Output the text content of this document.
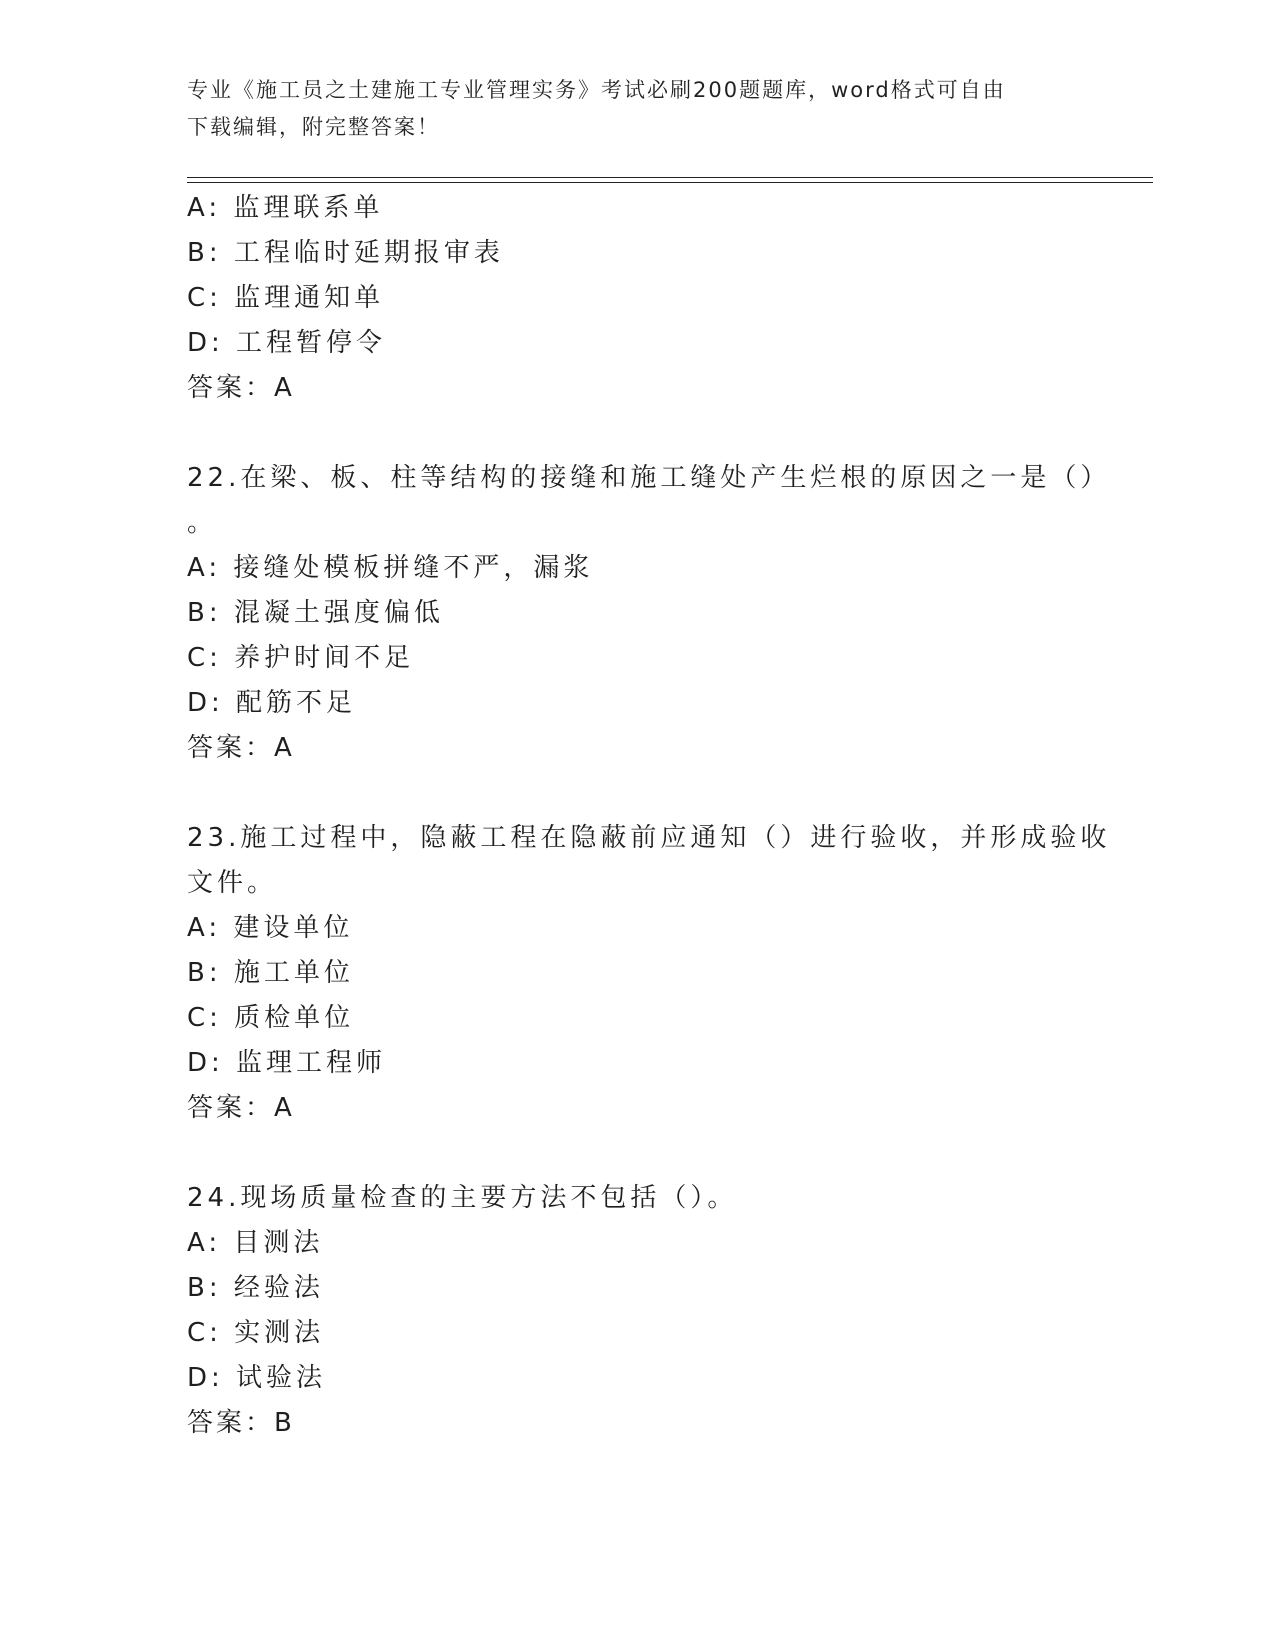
专业《施工员之土建施工专业管理实务》考试必刷200题题库，word格式可自由
下载编辑，附完整答案！
A: 监理联系单
B: 工程临时延期报审表
C: 监理通知单
D: 工程暂停令
答案：A
22.在梁、板、柱等结构的接缝和施工缝处产生烂根的原因之一是（）
。
A: 接缝处模板拼缝不严，漏浆
B: 混凝土强度偏低
C: 养护时间不足
D: 配筋不足
答案：A
23.施工过程中，隐蔽工程在隐蔽前应通知（）进行验收，并形成验收
文件。
A: 建设单位
B: 施工单位
C: 质检单位
D: 监理工程师
答案：A
24.现场质量检查的主要方法不包括（）。
A: 目测法
B: 经验法
C: 实测法
D: 试验法
答案：B
